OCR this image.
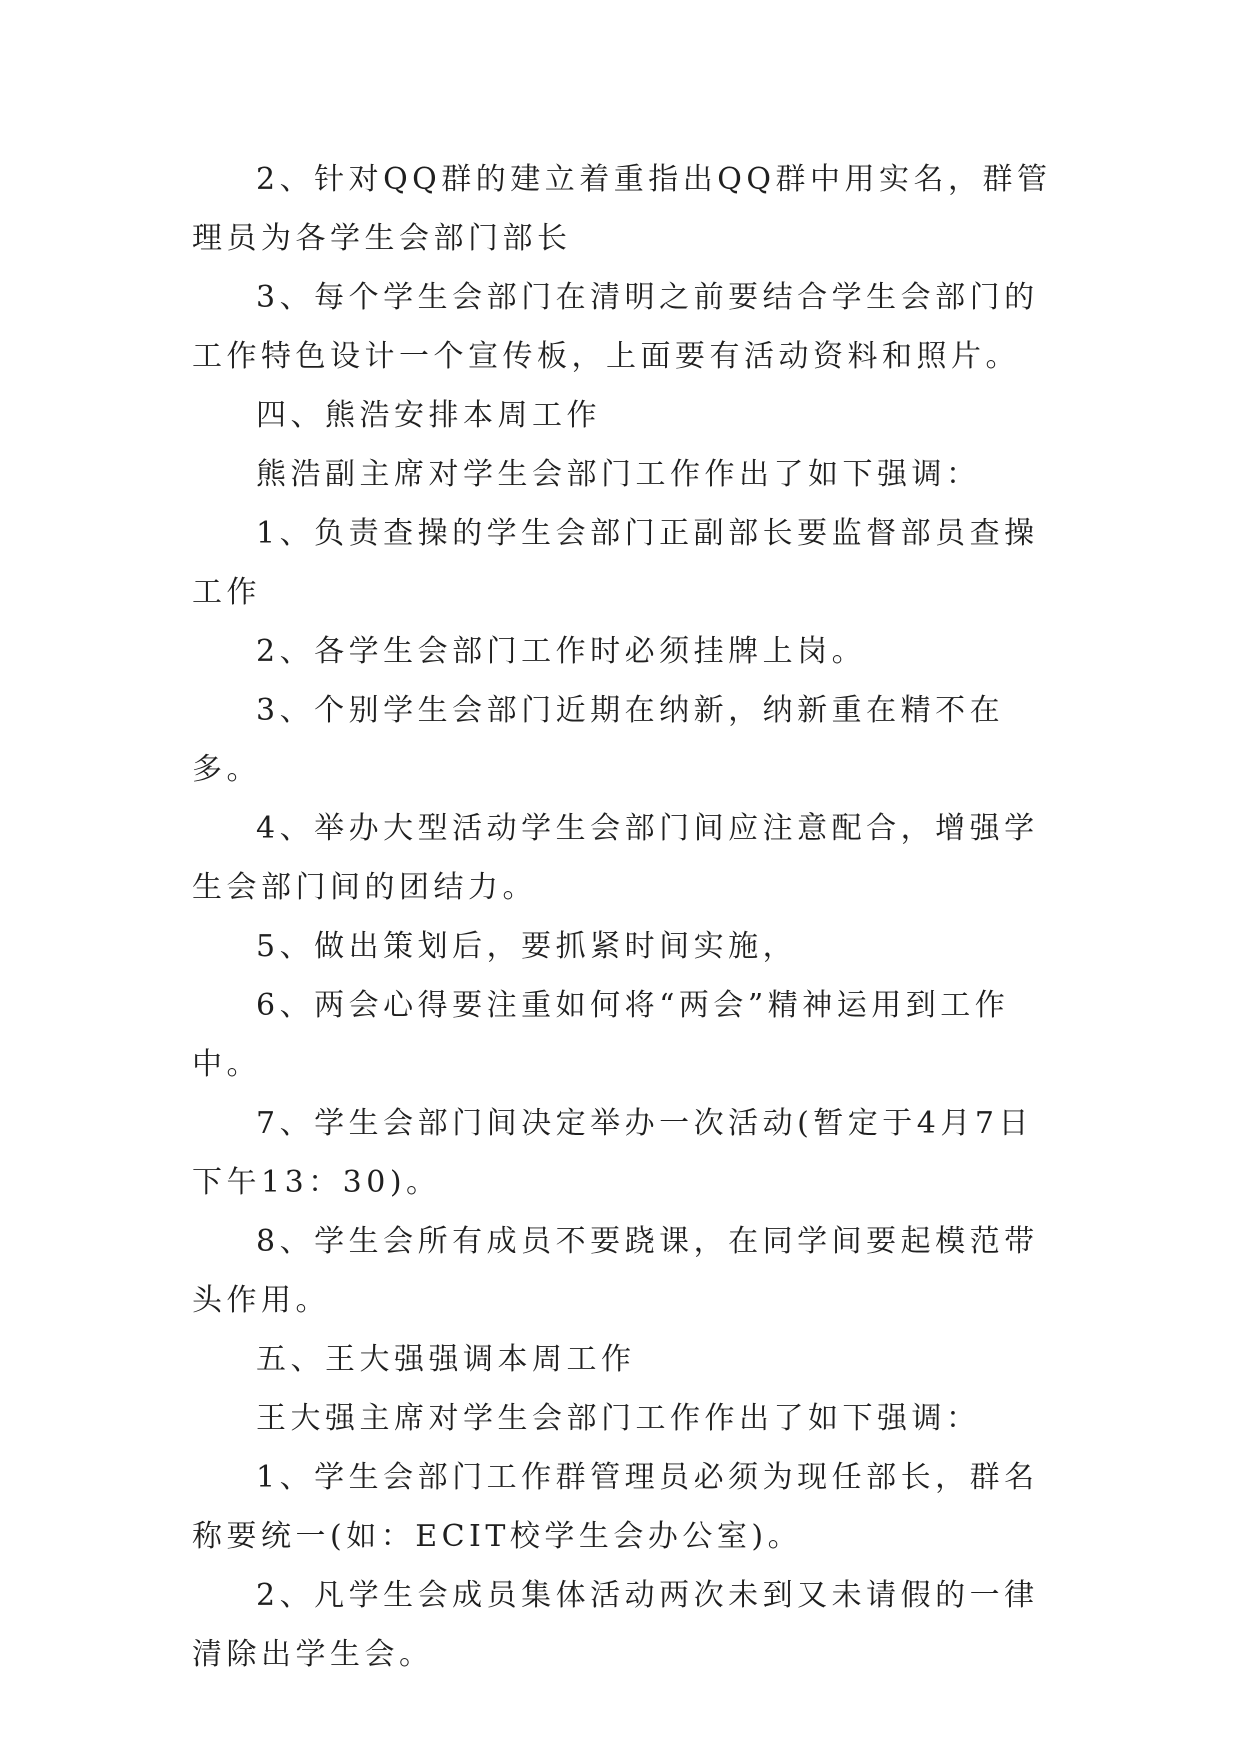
2、针对QQ群的建立着重指出QQ群中用实名，群管理员为各学生会部门部长

3、每个学生会部门在清明之前要结合学生会部门的工作特色设计一个宣传板，上面要有活动资料和照片。

四、熊浩安排本周工作

熊浩副主席对学生会部门工作作出了如下强调：

1、负责查操的学生会部门正副部长要监督部员查操工作

2、各学生会部门工作时必须挂牌上岗。

3、个别学生会部门近期在纳新，纳新重在精不在多。

4、举办大型活动学生会部门间应注意配合，增强学生会部门间的团结力。

5、做出策划后，要抓紧时间实施，

6、两会心得要注重如何将“两会”精神运用到工作中。

7、学生会部门间决定举办一次活动(暂定于4月7日下午13：30)。

8、学生会所有成员不要跷课，在同学间要起模范带头作用。

五、王大强强调本周工作

王大强主席对学生会部门工作作出了如下强调：

1、学生会部门工作群管理员必须为现任部长，群名称要统一(如：ECIT校学生会办公室)。

2、凡学生会成员集体活动两次未到又未请假的一律清除出学生会。
